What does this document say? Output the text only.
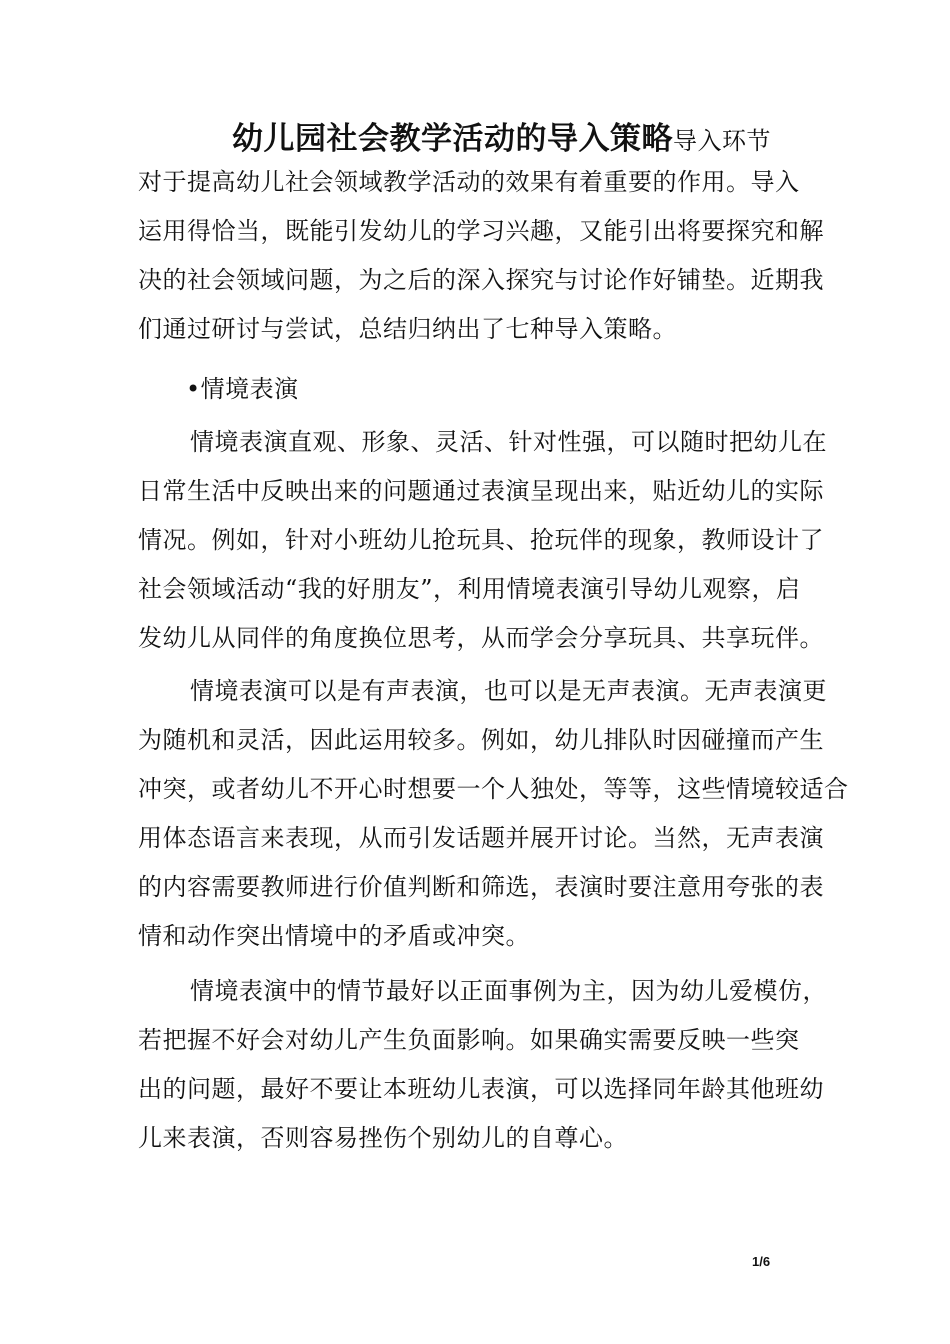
幼儿园社会教学活动的导入策略导入环节
对于提高幼儿社会领域教学活动的效果有着重要的作用。导入
运用得恰当，既能引发幼儿的学习兴趣，又能引出将要探究和解
决的社会领域问题，为之后的深入探究与讨论作好铺垫。近期我
们通过研讨与尝试，总结归纳出了七种导入策略。
•情境表演
情境表演直观、形象、灵活、针对性强，可以随时把幼儿在
日常生活中反映出来的问题通过表演呈现出来，贴近幼儿的实际
情况。例如，针对小班幼儿抢玩具、抢玩伴的现象，教师设计了
社会领域活动“我的好朋友”，利用情境表演引导幼儿观察，启
发幼儿从同伴的角度换位思考，从而学会分享玩具、共享玩伴。
情境表演可以是有声表演，也可以是无声表演。无声表演更
为随机和灵活，因此运用较多。例如，幼儿排队时因碰撞而产生
冲突，或者幼儿不开心时想要一个人独处，等等，这些情境较适合
用体态语言来表现，从而引发话题并展开讨论。当然，无声表演
的内容需要教师进行价值判断和筛选，表演时要注意用夸张的表
情和动作突出情境中的矛盾或冲突。
情境表演中的情节最好以正面事例为主，因为幼儿爱模仿，
若把握不好会对幼儿产生负面影响。如果确实需要反映一些突
出的问题，最好不要让本班幼儿表演，可以选择同年龄其他班幼
儿来表演，否则容易挫伤个别幼儿的自尊心。
1/6
